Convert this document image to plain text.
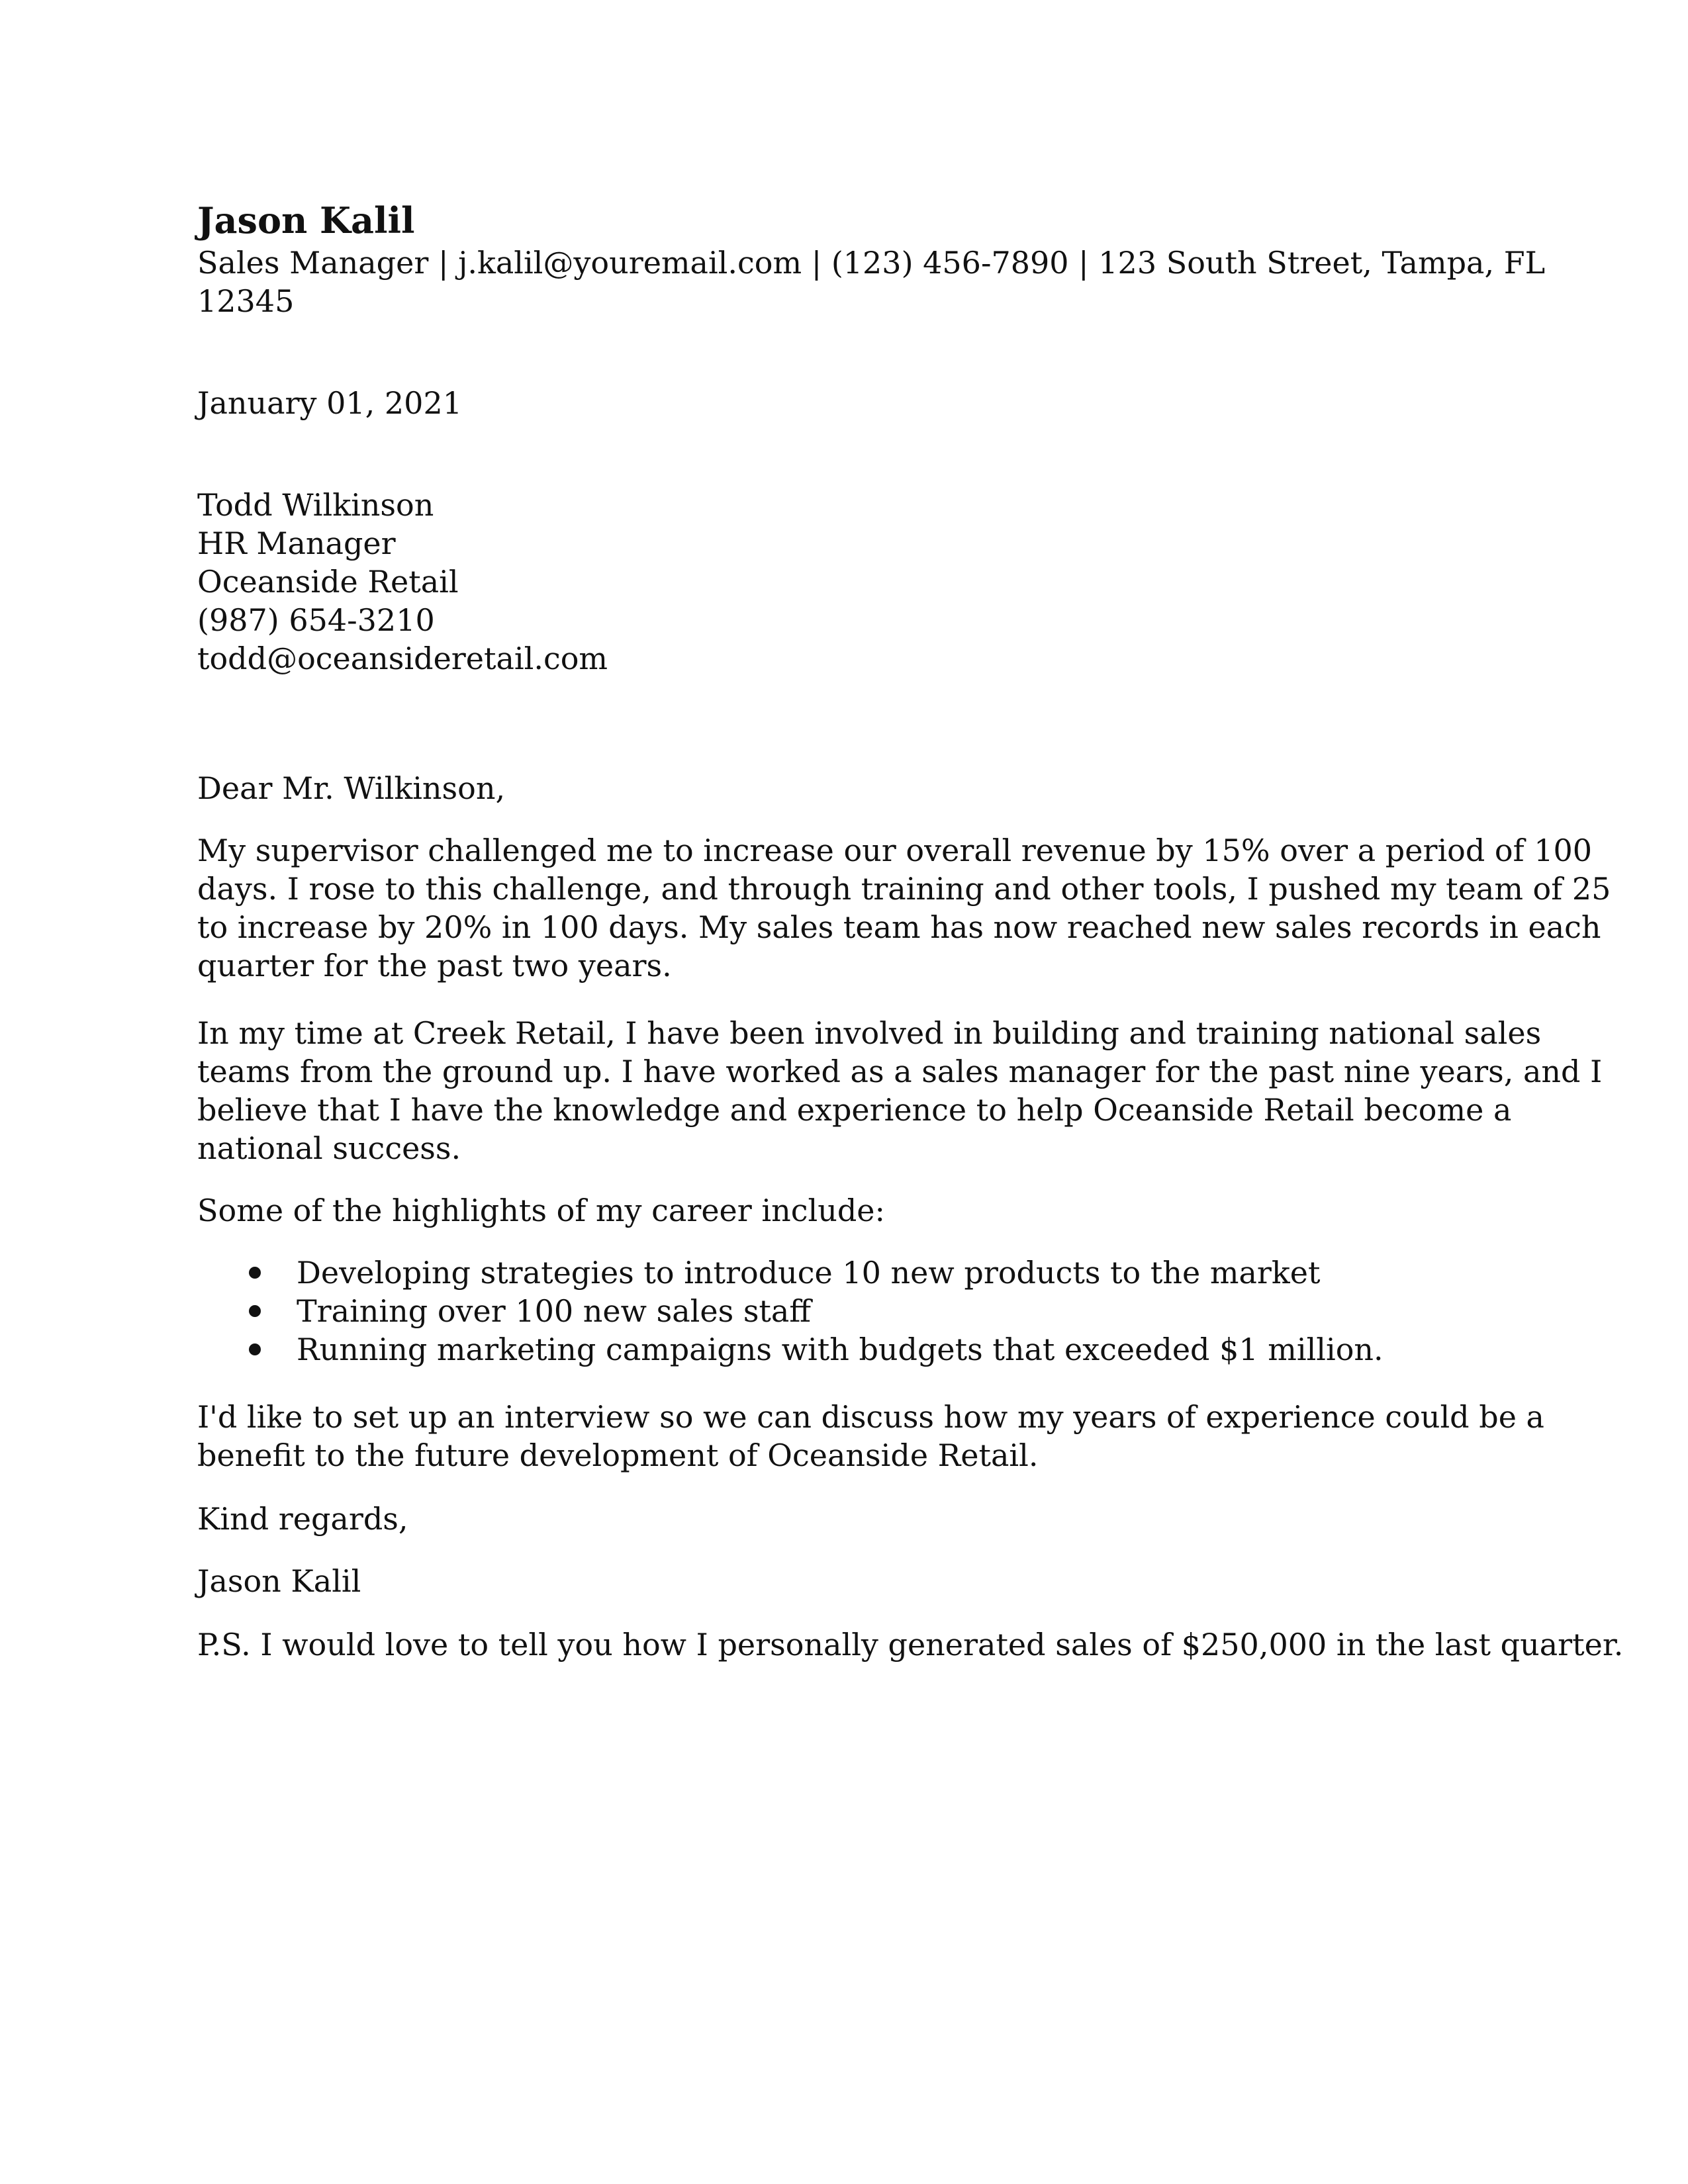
Jason Kalil

Sales Manager | j.kalil@youremail.com | (123) 456-7890 | 123 South Street, Tampa, FL

12345

January 01, 2021

Todd Wilkinson

HR Manager

Oceanside Retail

(987) 654-3210

todd@oceansideretail.com

Dear Mr. Wilkinson,

My supervisor challenged me to increase our overall revenue by 15% over a period of 100

days. I rose to this challenge, and through training and other tools, I pushed my team of 25

to increase by 20% in 100 days. My sales team has now reached new sales records in each

quarter for the past two years.

In my time at Creek Retail, I have been involved in building and training national sales

teams from the ground up. I have worked as a sales manager for the past nine years, and I

believe that I have the knowledge and experience to help Oceanside Retail become a

national success.

Some of the highlights of my career include:

Developing strategies to introduce 10 new products to the market
Training over 100 new sales staff
Running marketing campaigns with budgets that exceeded $1 million.

I'd like to set up an interview so we can discuss how my years of experience could be a

benefit to the future development of Oceanside Retail.

Kind regards,

Jason Kalil

P.S. I would love to tell you how I personally generated sales of $250,000 in the last quarter.
